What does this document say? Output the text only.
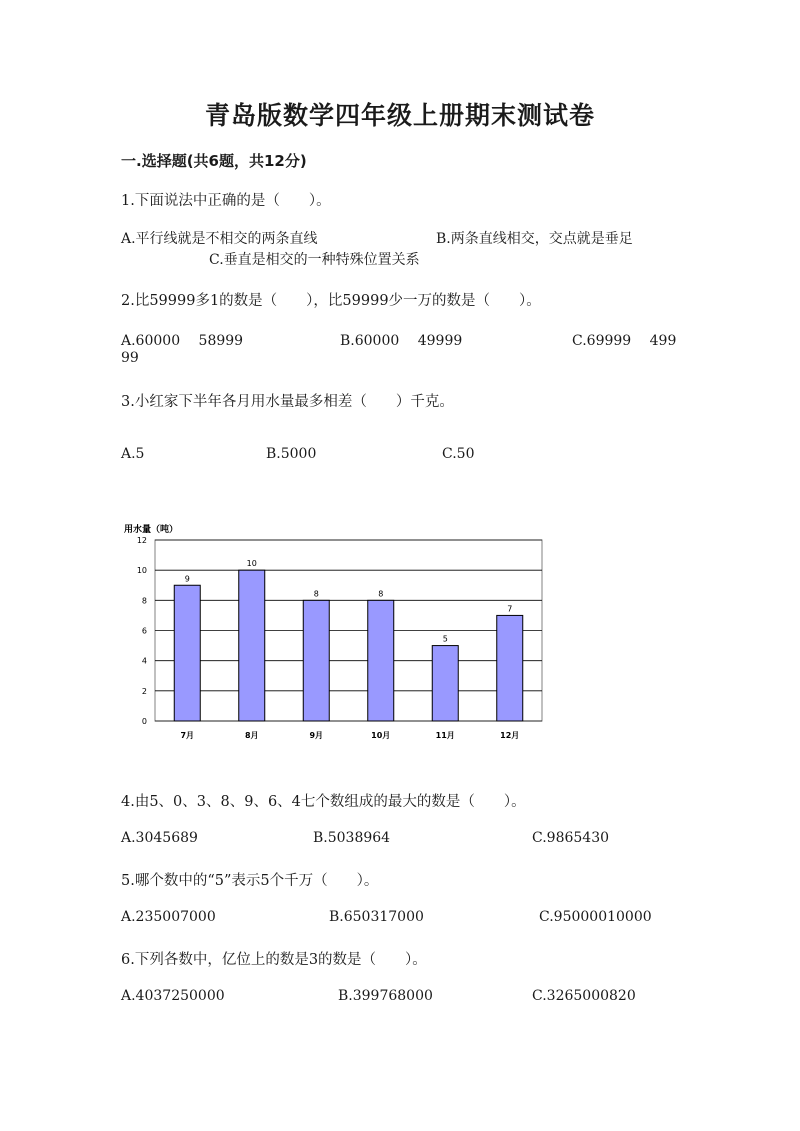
青岛版数学四年级上册期末测试卷
一.选择题(共6题，共12分)
1.下面说法中正确的是（　　）。
A.平行线就是不相交的两条直线	B.两条直线相交，交点就是垂足
C.垂直是相交的一种特殊位置关系
2.比59999多1的数是（　　），比59999少一万的数是（　　）。
A.60000　 58999	B.60000　 49999	C.69999　 499
99
3.小红家下半年各月用水量最多相差（　　）千克。
A.5	B.5000	C.50
用水量（吨）
0
2
4
6
8
10
12
9
7月
10
8月
8
9月
8
10月
5
11月
7
12月
4.由5、0、3、8、9、6、4七个数组成的最大的数是（　　）。
A.3045689	B.5038964	C.9865430
5.哪个数中的“5”表示5个千万（　　）。
A.235007000	B.650317000	C.95000010000
6.下列各数中，亿位上的数是3的数是（　　）。
A.4037250000	B.399768000	C.3265000820
